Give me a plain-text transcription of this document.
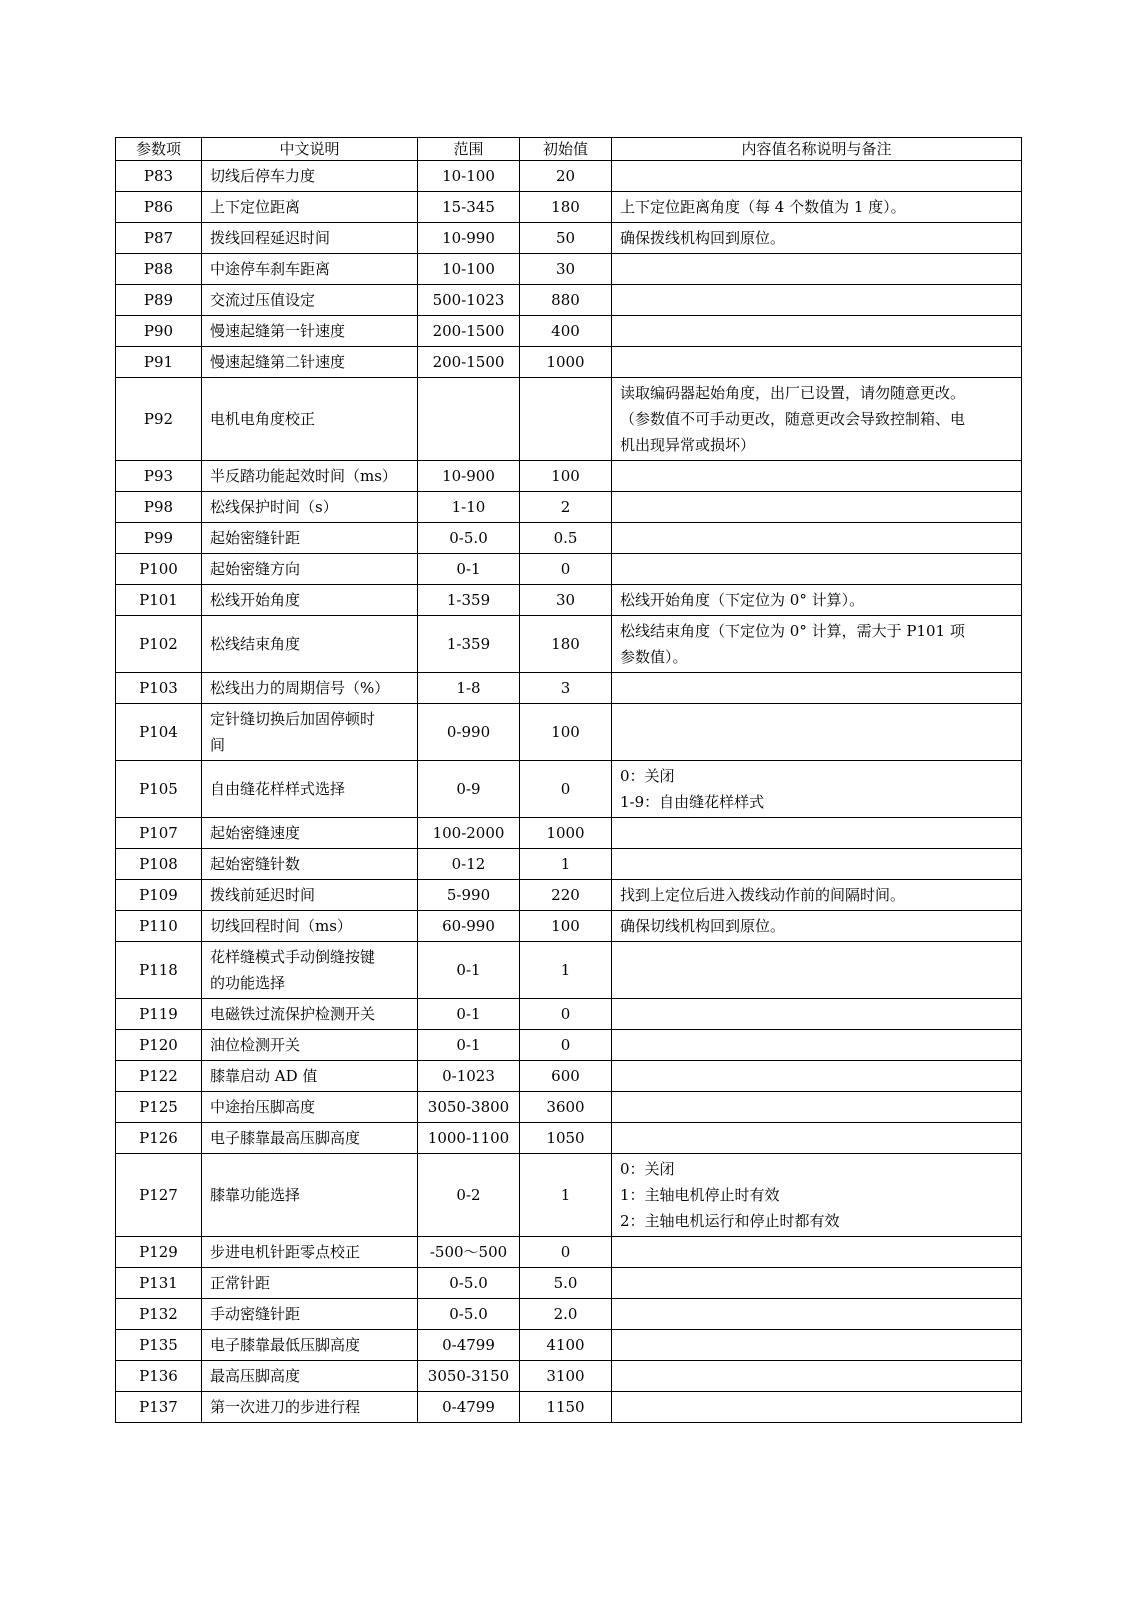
参数项	中文说明	范围	初始值	内容值名称说明与备注

P83	切线后停车力度	10-100	20	

P86	上下定位距离	15-345	180	上下定位距离角度（每 4 个数值为 1 度）。

P87	拨线回程延迟时间	10-990	50	确保拨线机构回到原位。

P88	中途停车刹车距离	10-100	30	

P89	交流过压值设定	500-1023	880	

P90	慢速起缝第一针速度	200-1500	400	

P91	慢速起缝第二针速度	200-1500	1000	

P92	电机电角度校正			读取编码器起始角度，出厂已设置，请勿随意更改。
（参数值不可手动更改，随意更改会导致控制箱、电
机出现异常或损坏）

P93	半反踏功能起效时间（ms）	10-900	100	

P98	松线保护时间（s）	1-10	2	

P99	起始密缝针距	0-5.0	0.5	

P100	起始密缝方向	0-1	0	

P101	松线开始角度	1-359	30	松线开始角度（下定位为 0° 计算）。

P102	松线结束角度	1-359	180	松线结束角度（下定位为 0° 计算，需大于 P101 项
参数值）。

P103	松线出力的周期信号（%）	1-8	3	

P104	定针缝切换后加固停顿时
间	0-990	100	

P105	自由缝花样样式选择	0-9	0	0：关闭
1-9：自由缝花样样式

P107	起始密缝速度	100-2000	1000	

P108	起始密缝针数	0-12	1	

P109	拨线前延迟时间	5-990	220	找到上定位后进入拨线动作前的间隔时间。

P110	切线回程时间（ms）	60-990	100	确保切线机构回到原位。

P118	花样缝模式手动倒缝按键
的功能选择	0-1	1	

P119	电磁铁过流保护检测开关	0-1	0	

P120	油位检测开关	0-1	0	

P122	膝靠启动 AD 值	0-1023	600	

P125	中途抬压脚高度	3050-3800	3600	

P126	电子膝靠最高压脚高度	1000-1100	1050	

P127	膝靠功能选择	0-2	1	0：关闭
1：主轴电机停止时有效
2：主轴电机运行和停止时都有效

P129	步进电机针距零点校正	-500～500	0	

P131	正常针距	0-5.0	5.0	

P132	手动密缝针距	0-5.0	2.0	

P135	电子膝靠最低压脚高度	0-4799	4100	

P136	最高压脚高度	3050-3150	3100	

P137	第一次进刀的步进行程	0-4799	1150	
